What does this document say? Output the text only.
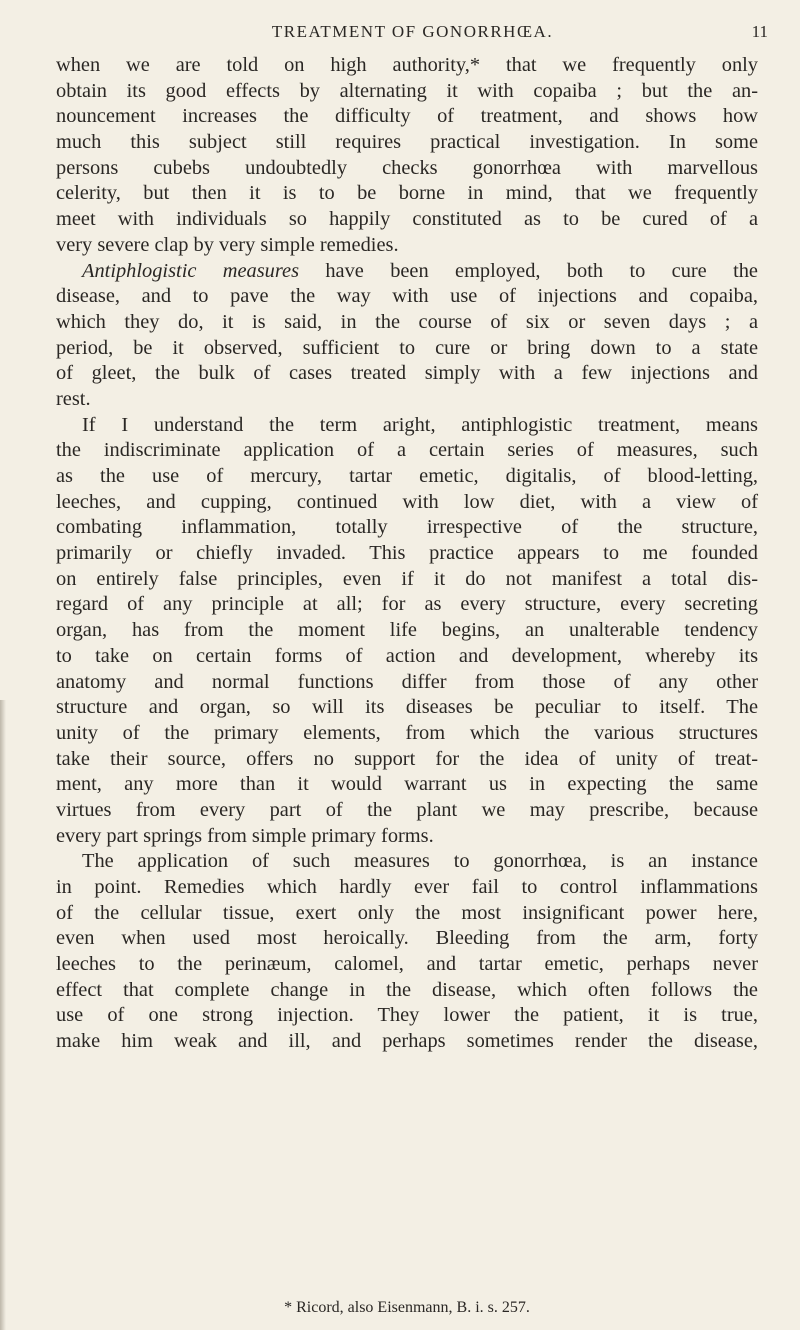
TREATMENT OF GONORRHŒA.	11
when we are told on high authority,* that we frequently only
obtain its good effects by alternating it with copaiba ; but the an-
nouncement increases the difficulty of treatment, and shows how
much this subject still requires practical investigation. In some
persons cubebs undoubtedly checks gonorrhœa with marvellous
celerity, but then it is to be borne in mind, that we frequently
meet with individuals so happily constituted as to be cured of a
very severe clap by very simple remedies.
Antiphlogistic measures have been employed, both to cure the
disease, and to pave the way with use of injections and copaiba,
which they do, it is said, in the course of six or seven days ; a
period, be it observed, sufficient to cure or bring down to a state
of gleet, the bulk of cases treated simply with a few injections and
rest.
If I understand the term aright, antiphlogistic treatment, means
the indiscriminate application of a certain series of measures, such
as the use of mercury, tartar emetic, digitalis, of blood-letting,
leeches, and cupping, continued with low diet, with a view of
combating inflammation, totally irrespective of the structure,
primarily or chiefly invaded. This practice appears to me founded
on entirely false principles, even if it do not manifest a total dis-
regard of any principle at all; for as every structure, every secreting
organ, has from the moment life begins, an unalterable tendency
to take on certain forms of action and development, whereby its
anatomy and normal functions differ from those of any other
structure and organ, so will its diseases be peculiar to itself. The
unity of the primary elements, from which the various structures
take their source, offers no support for the idea of unity of treat-
ment, any more than it would warrant us in expecting the same
virtues from every part of the plant we may prescribe, because
every part springs from simple primary forms.
The application of such measures to gonorrhœa, is an instance
in point. Remedies which hardly ever fail to control inflammations
of the cellular tissue, exert only the most insignificant power here,
even when used most heroically. Bleeding from the arm, forty
leeches to the perinæum, calomel, and tartar emetic, perhaps never
effect that complete change in the disease, which often follows the
use of one strong injection. They lower the patient, it is true,
make him weak and ill, and perhaps sometimes render the disease,
* Ricord, also Eisenmann, B. i. s. 257.
